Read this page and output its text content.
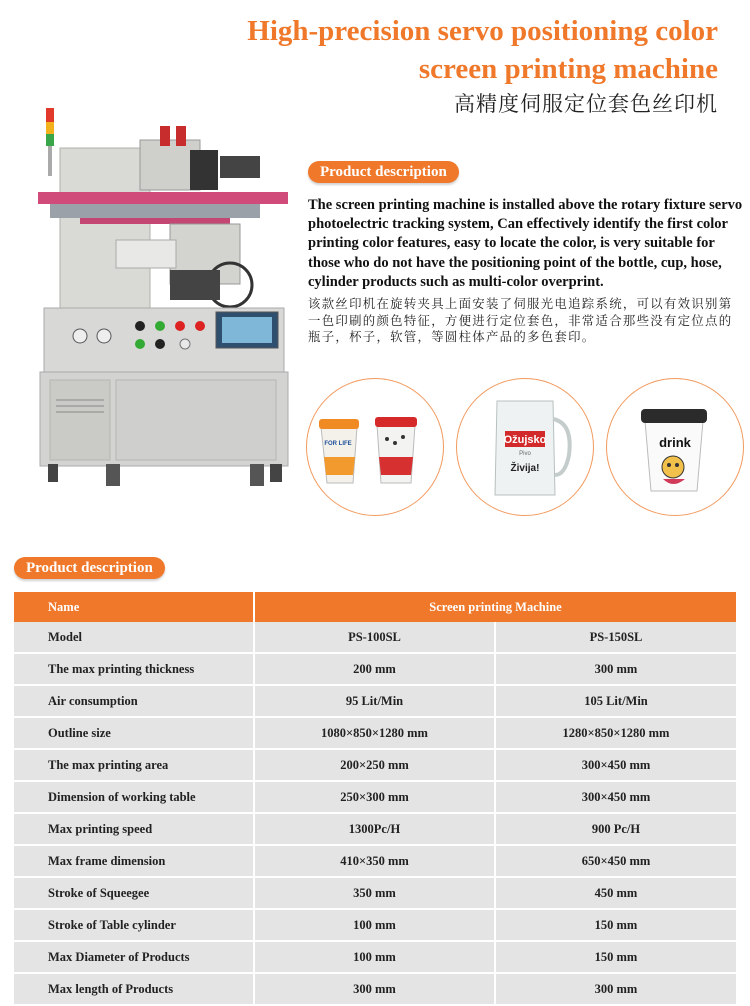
High-precision servo positioning color
screen printing machine
高精度伺服定位套色丝印机
Product description
The screen printing machine is installed above the rotary fixture servo photoelectric tracking system, Can effectively identify the first color printing color features, easy to locate the color, is very suitable for those who do not have the positioning point of the bottle, cup, hose, cylinder products such as multi-color overprint.
该款丝印机在旋转夹具上面安装了伺服光电追踪系统，可以有效识别第一色印刷的颜色特征，方便进行定位套色，非常适合那些没有定位点的瓶子，杯子，软管，等圆柱体产品的多色套印。
FOR LIFE	Ožujsko
Pivo
Živija!
drink
Product description
Name	Screen printing Machine	
Model	PS-100SL	PS-150SL
The max printing thickness	200 mm	300 mm
Air consumption	95 Lit/Min	105 Lit/Min
Outline size	1080×850×1280 mm	1280×850×1280 mm
The max printing area	200×250 mm	300×450 mm
Dimension of working table	250×300 mm	300×450 mm
Max printing speed	1300Pc/H	900 Pc/H
Max frame dimension	410×350 mm	650×450 mm
Stroke of Squeegee	350 mm	450 mm
Stroke of Table cylinder	100 mm	150 mm
Max Diameter of Products	100 mm	150 mm
Max length of Products	300 mm	300 mm
